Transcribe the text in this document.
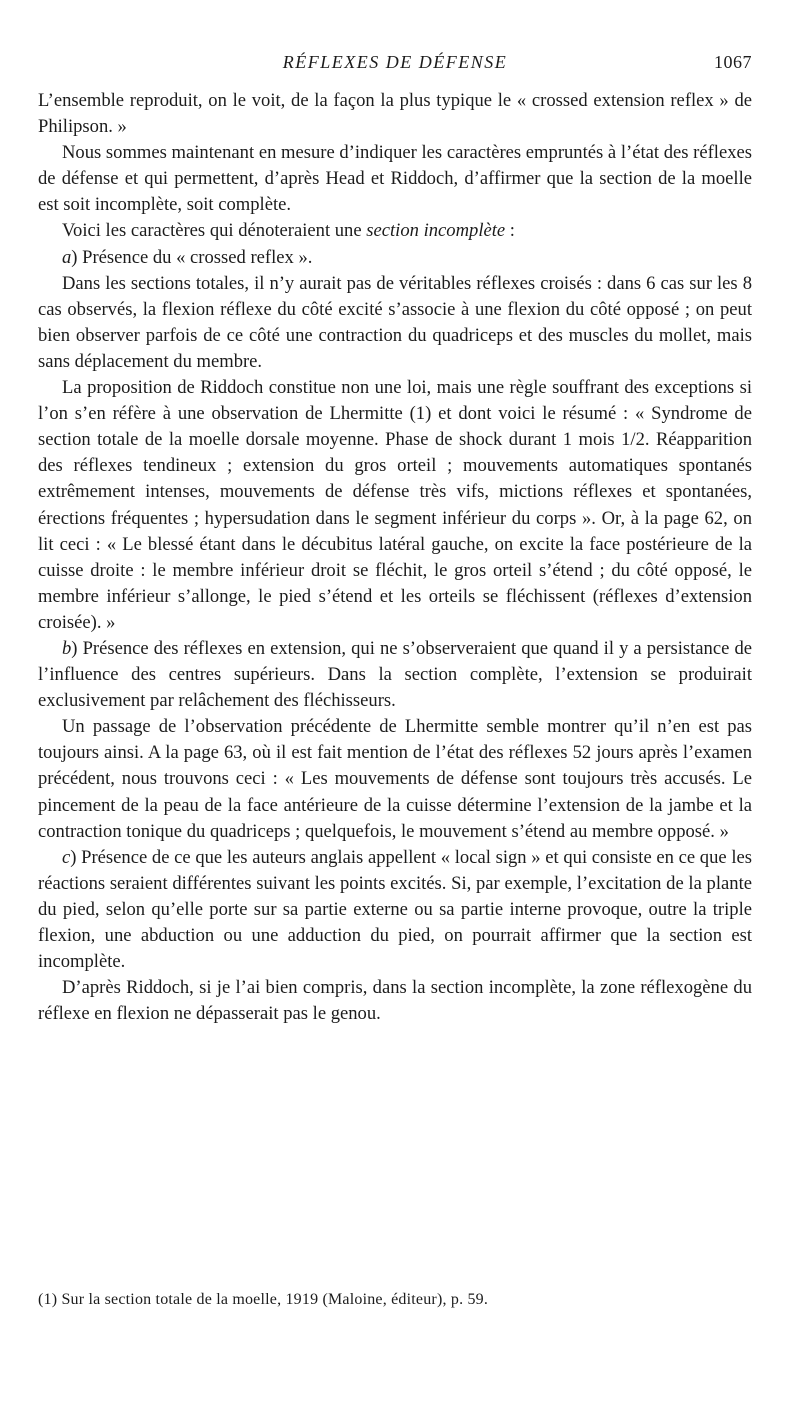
RÉFLEXES DE DÉFENSE	1067

L’ensemble reproduit, on le voit, de la façon la plus typique le « crossed extension reflex » de Philipson. »

Nous sommes maintenant en mesure d’indiquer les caractères empruntés à l’état des réflexes de défense et qui permettent, d’après Head et Riddoch, d’affirmer que la section de la moelle est soit incomplète, soit complète.

Voici les caractères qui dénoteraient une section incomplète :

a) Présence du « crossed reflex ».

Dans les sections totales, il n’y aurait pas de véritables réflexes croisés : dans 6 cas sur les 8 cas observés, la flexion réflexe du côté excité s’associe à une flexion du côté opposé ; on peut bien observer parfois de ce côté une contraction du quadriceps et des muscles du mollet, mais sans déplacement du membre.

La proposition de Riddoch constitue non une loi, mais une règle souffrant des exceptions si l’on s’en réfère à une observation de Lhermitte (1) et dont voici le résumé : « Syndrome de section totale de la moelle dorsale moyenne. Phase de shock durant 1 mois 1/2. Réapparition des réflexes tendineux ; extension du gros orteil ; mouvements automatiques spontanés extrêmement intenses, mouvements de défense très vifs, mictions réflexes et spontanées, érections fréquentes ; hypersudation dans le segment inférieur du corps ». Or, à la page 62, on lit ceci : « Le blessé étant dans le décubitus latéral gauche, on excite la face postérieure de la cuisse droite : le membre inférieur droit se fléchit, le gros orteil s’étend ; du côté opposé, le membre inférieur s’allonge, le pied s’étend et les orteils se fléchissent (réflexes d’extension croisée). »

b) Présence des réflexes en extension, qui ne s’observeraient que quand il y a persistance de l’influence des centres supérieurs. Dans la section complète, l’extension se produirait exclusivement par relâchement des fléchisseurs.

Un passage de l’observation précédente de Lhermitte semble montrer qu’il n’en est pas toujours ainsi. A la page 63, où il est fait mention de l’état des réflexes 52 jours après l’examen précédent, nous trouvons ceci : « Les mouvements de défense sont toujours très accusés. Le pincement de la peau de la face antérieure de la cuisse détermine l’extension de la jambe et la contraction tonique du quadriceps ; quelquefois, le mouvement s’étend au membre opposé. »

c) Présence de ce que les auteurs anglais appellent « local sign » et qui consiste en ce que les réactions seraient différentes suivant les points excités. Si, par exemple, l’excitation de la plante du pied, selon qu’elle porte sur sa partie externe ou sa partie interne provoque, outre la triple flexion, une abduction ou une adduction du pied, on pourrait affirmer que la section est incomplète.

D’après Riddoch, si je l’ai bien compris, dans la section incomplète, la zone réflexogène du réflexe en flexion ne dépasserait pas le genou.

(1) Sur la section totale de la moelle, 1919 (Maloine, éditeur), p. 59.
